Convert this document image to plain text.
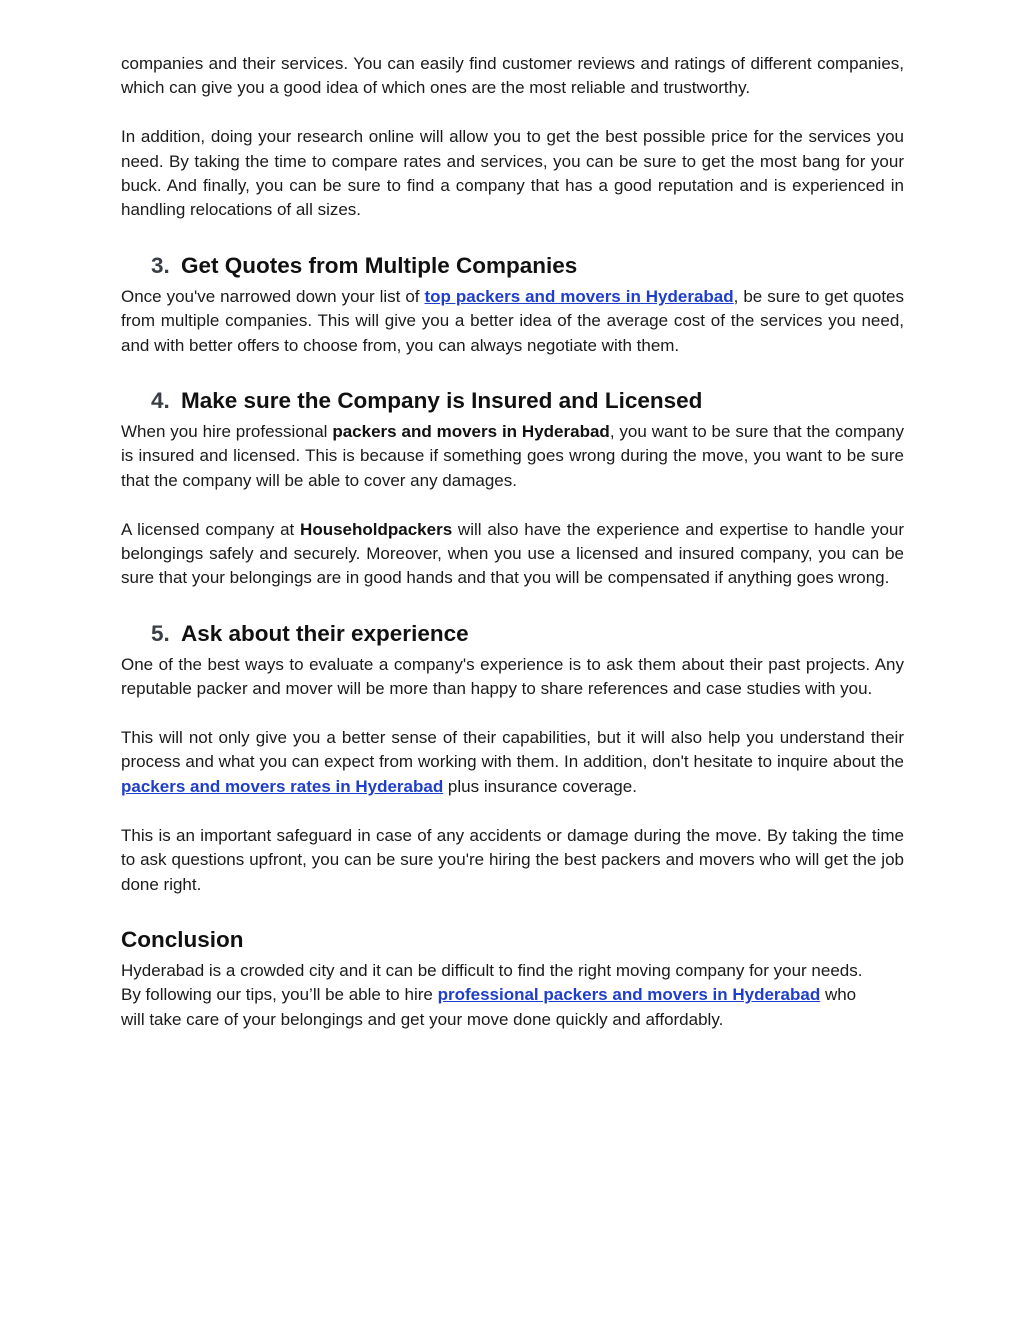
companies and their services. You can easily find customer reviews and ratings of different companies, which can give you a good idea of which ones are the most reliable and trustworthy.

In addition, doing your research online will allow you to get the best possible price for the services you need. By taking the time to compare rates and services, you can be sure to get the most bang for your buck. And finally, you can be sure to find a company that has a good reputation and is experienced in handling relocations of all sizes.

3. Get Quotes from Multiple Companies

Once you've narrowed down your list of top packers and movers in Hyderabad, be sure to get quotes from multiple companies. This will give you a better idea of the average cost of the services you need, and with better offers to choose from, you can always negotiate with them.

4. Make sure the Company is Insured and Licensed

When you hire professional packers and movers in Hyderabad, you want to be sure that the company is insured and licensed. This is because if something goes wrong during the move, you want to be sure that the company will be able to cover any damages.

A licensed company at Householdpackers will also have the experience and expertise to handle your belongings safely and securely. Moreover, when you use a licensed and insured company, you can be sure that your belongings are in good hands and that you will be compensated if anything goes wrong.

5. Ask about their experience

One of the best ways to evaluate a company's experience is to ask them about their past projects. Any reputable packer and mover will be more than happy to share references and case studies with you.

This will not only give you a better sense of their capabilities, but it will also help you understand their process and what you can expect from working with them. In addition, don't hesitate to inquire about the packers and movers rates in Hyderabad plus insurance coverage.

This is an important safeguard in case of any accidents or damage during the move. By taking the time to ask questions upfront, you can be sure you're hiring the best packers and movers who will get the job done right.

Conclusion

Hyderabad is a crowded city and it can be difficult to find the right moving company for your needs. By following our tips, you’ll be able to hire professional packers and movers in Hyderabad who will take care of your belongings and get your move done quickly and affordably.
